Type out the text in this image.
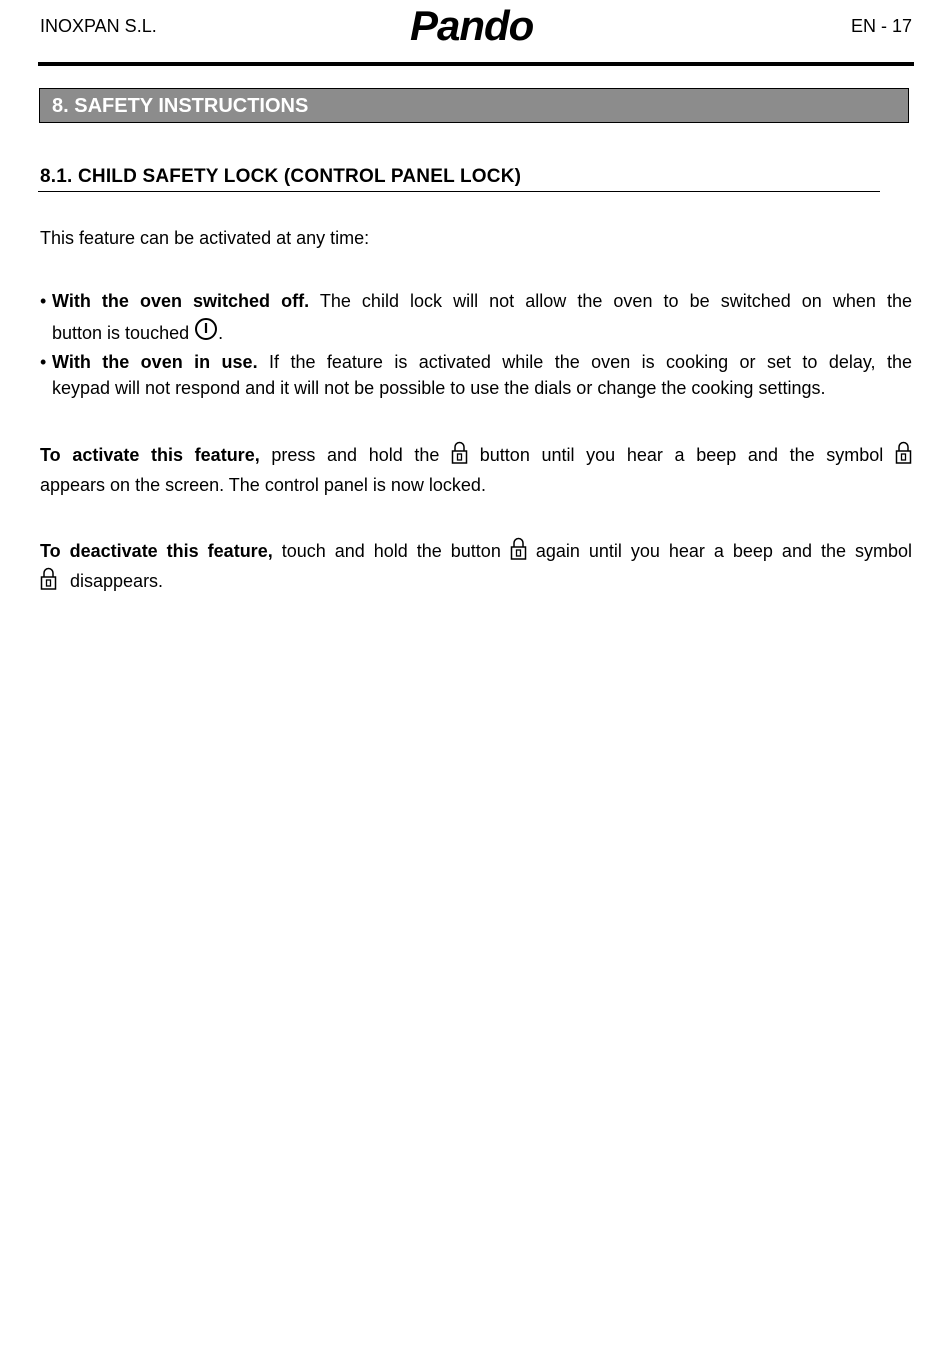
INOXPAN S.L.	Pando	EN - 17
8. SAFETY INSTRUCTIONS
8.1. CHILD SAFETY LOCK (CONTROL PANEL LOCK)
This feature can be activated at any time:
• With the oven switched off. The child lock will not allow the oven to be switched on when the
button is touched .
• With the oven in use. If the feature is activated while the oven is cooking or set to delay, the
keypad will not respond and it will not be possible to use the dials or change the cooking settings.
To activate this feature, press and hold the  button until you hear a beep and the symbol
appears on the screen. The control panel is now locked.
To deactivate this feature, touch and hold the button  again until you hear a beep and the symbol
disappears.
